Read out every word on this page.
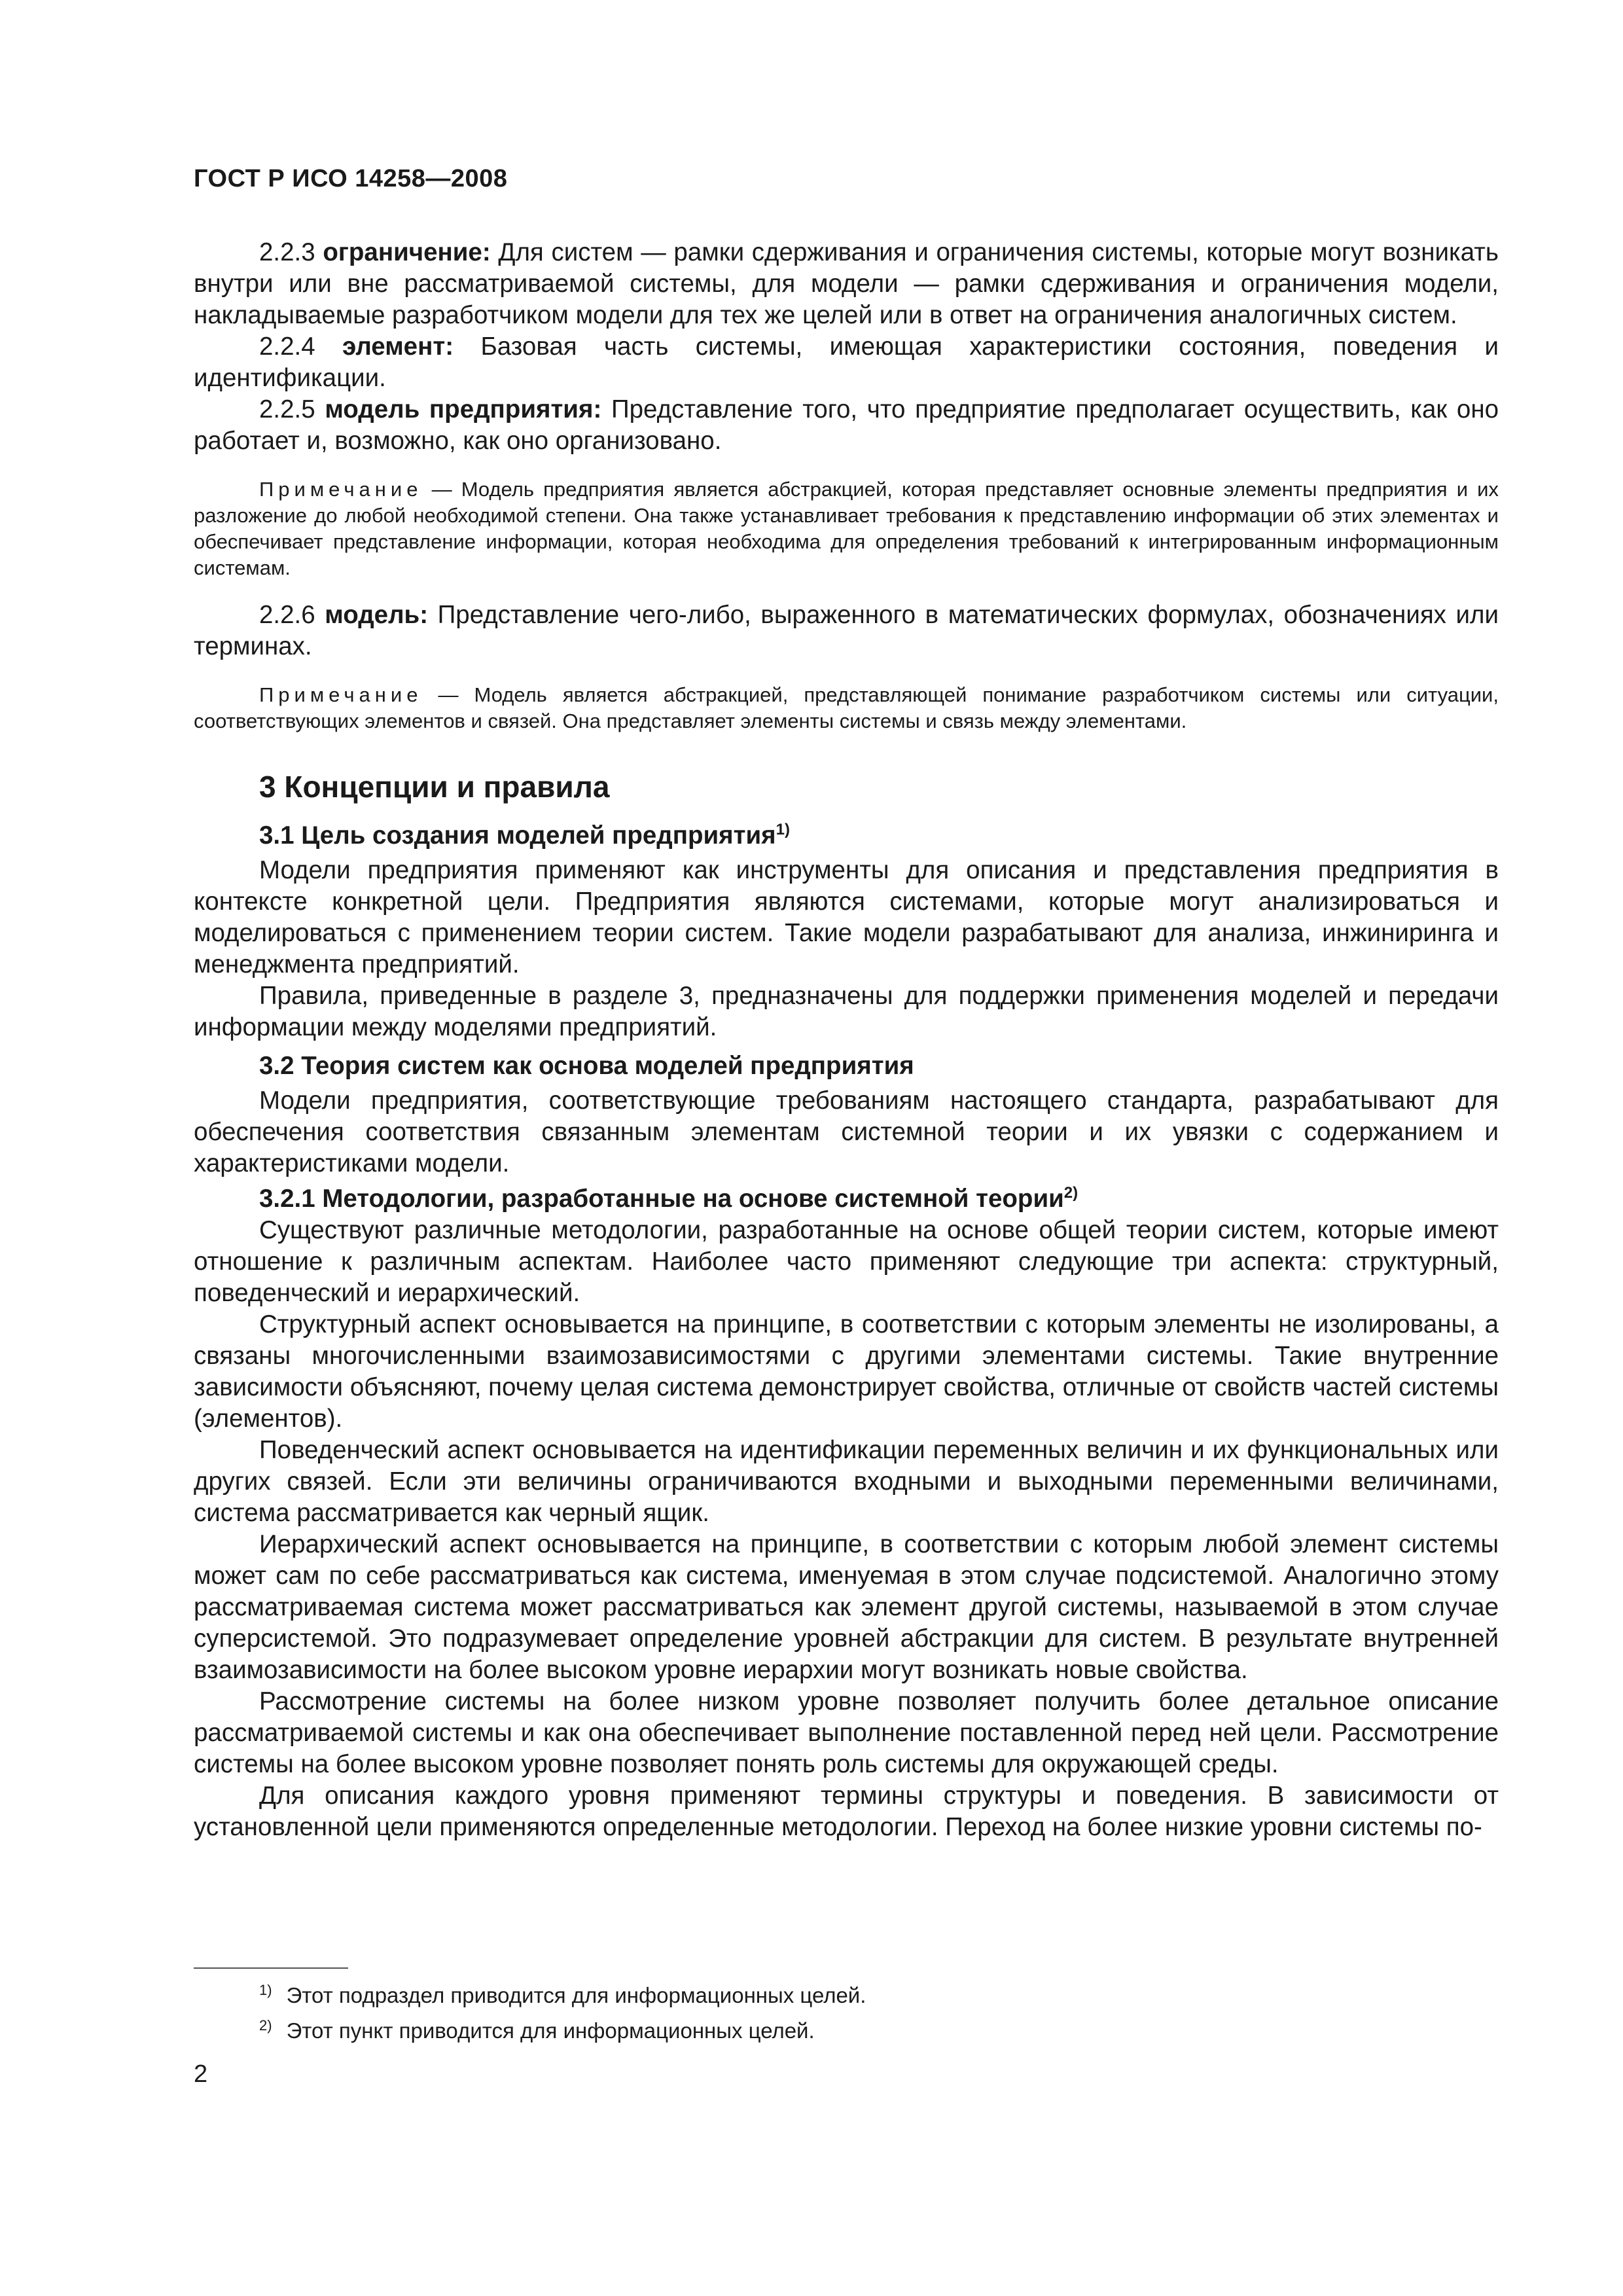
ГОСТ Р ИСО 14258—2008

2.2.3 ограничение: Для систем — рамки сдерживания и ограничения системы, которые могут возникать внутри или вне рассматриваемой системы, для модели — рамки сдерживания и ограничения модели, накладываемые разработчиком модели для тех же целей или в ответ на ограничения аналогичных систем.

2.2.4 элемент: Базовая часть системы, имеющая характеристики состояния, поведения и идентификации.

2.2.5 модель предприятия: Представление того, что предприятие предполагает осуществить, как оно работает и, возможно, как оно организовано.

Примечание — Модель предприятия является абстракцией, которая представляет основные элементы предприятия и их разложение до любой необходимой степени. Она также устанавливает требования к представлению информации об этих элементах и обеспечивает представление информации, которая необходима для определения требований к интегрированным информационным системам.

2.2.6 модель: Представление чего-либо, выраженного в математических формулах, обозначениях или терминах.

Примечание — Модель является абстракцией, представляющей понимание разработчиком системы или ситуации, соответствующих элементов и связей. Она представляет элементы системы и связь между элементами.

3 Концепции и правила
3.1 Цель создания моделей предприятия$^{1)}$

Модели предприятия применяют как инструменты для описания и представления предприятия в контексте конкретной цели. Предприятия являются системами, которые могут анализироваться и моделироваться с применением теории систем. Такие модели разрабатывают для анализа, инжиниринга и менеджмента предприятий.

Правила, приведенные в разделе 3, предназначены для поддержки применения моделей и передачи информации между моделями предприятий.

3.2 Теория систем как основа моделей предприятия

Модели предприятия, соответствующие требованиям настоящего стандарта, разрабатывают для обеспечения соответствия связанным элементам системной теории и их увязки с содержанием и характеристиками модели.

3.2.1 Методологии, разработанные на основе системной теории$^{2)}$

Существуют различные методологии, разработанные на основе общей теории систем, которые имеют отношение к различным аспектам. Наиболее часто применяют следующие три аспекта: структурный, поведенческий и иерархический.

Структурный аспект основывается на принципе, в соответствии с которым элементы не изолированы, а связаны многочисленными взаимозависимостями с другими элементами системы. Такие внутренние зависимости объясняют, почему целая система демонстрирует свойства, отличные от свойств частей системы (элементов).

Поведенческий аспект основывается на идентификации переменных величин и их функциональных или других связей. Если эти величины ограничиваются входными и выходными переменными величинами, система рассматривается как черный ящик.

Иерархический аспект основывается на принципе, в соответствии с которым любой элемент системы может сам по себе рассматриваться как система, именуемая в этом случае подсистемой. Аналогично этому рассматриваемая система может рассматриваться как элемент другой системы, называемой в этом случае суперсистемой. Это подразумевает определение уровней абстракции для систем. В результате внутренней взаимозависимости на более высоком уровне иерархии могут возникать новые свойства.

Рассмотрение системы на более низком уровне позволяет получить более детальное описание рассматриваемой системы и как она обеспечивает выполнение поставленной перед ней цели. Рассмотрение системы на более высоком уровне позволяет понять роль системы для окружающей среды.

Для описания каждого уровня применяют термины структуры и поведения. В зависимости от установленной цели применяются определенные методологии. Переход на более низкие уровни системы по-

$^{1)}$ Этот подраздел приводится для информационных целей.
$^{2)}$ Этот пункт приводится для информационных целей.
2
